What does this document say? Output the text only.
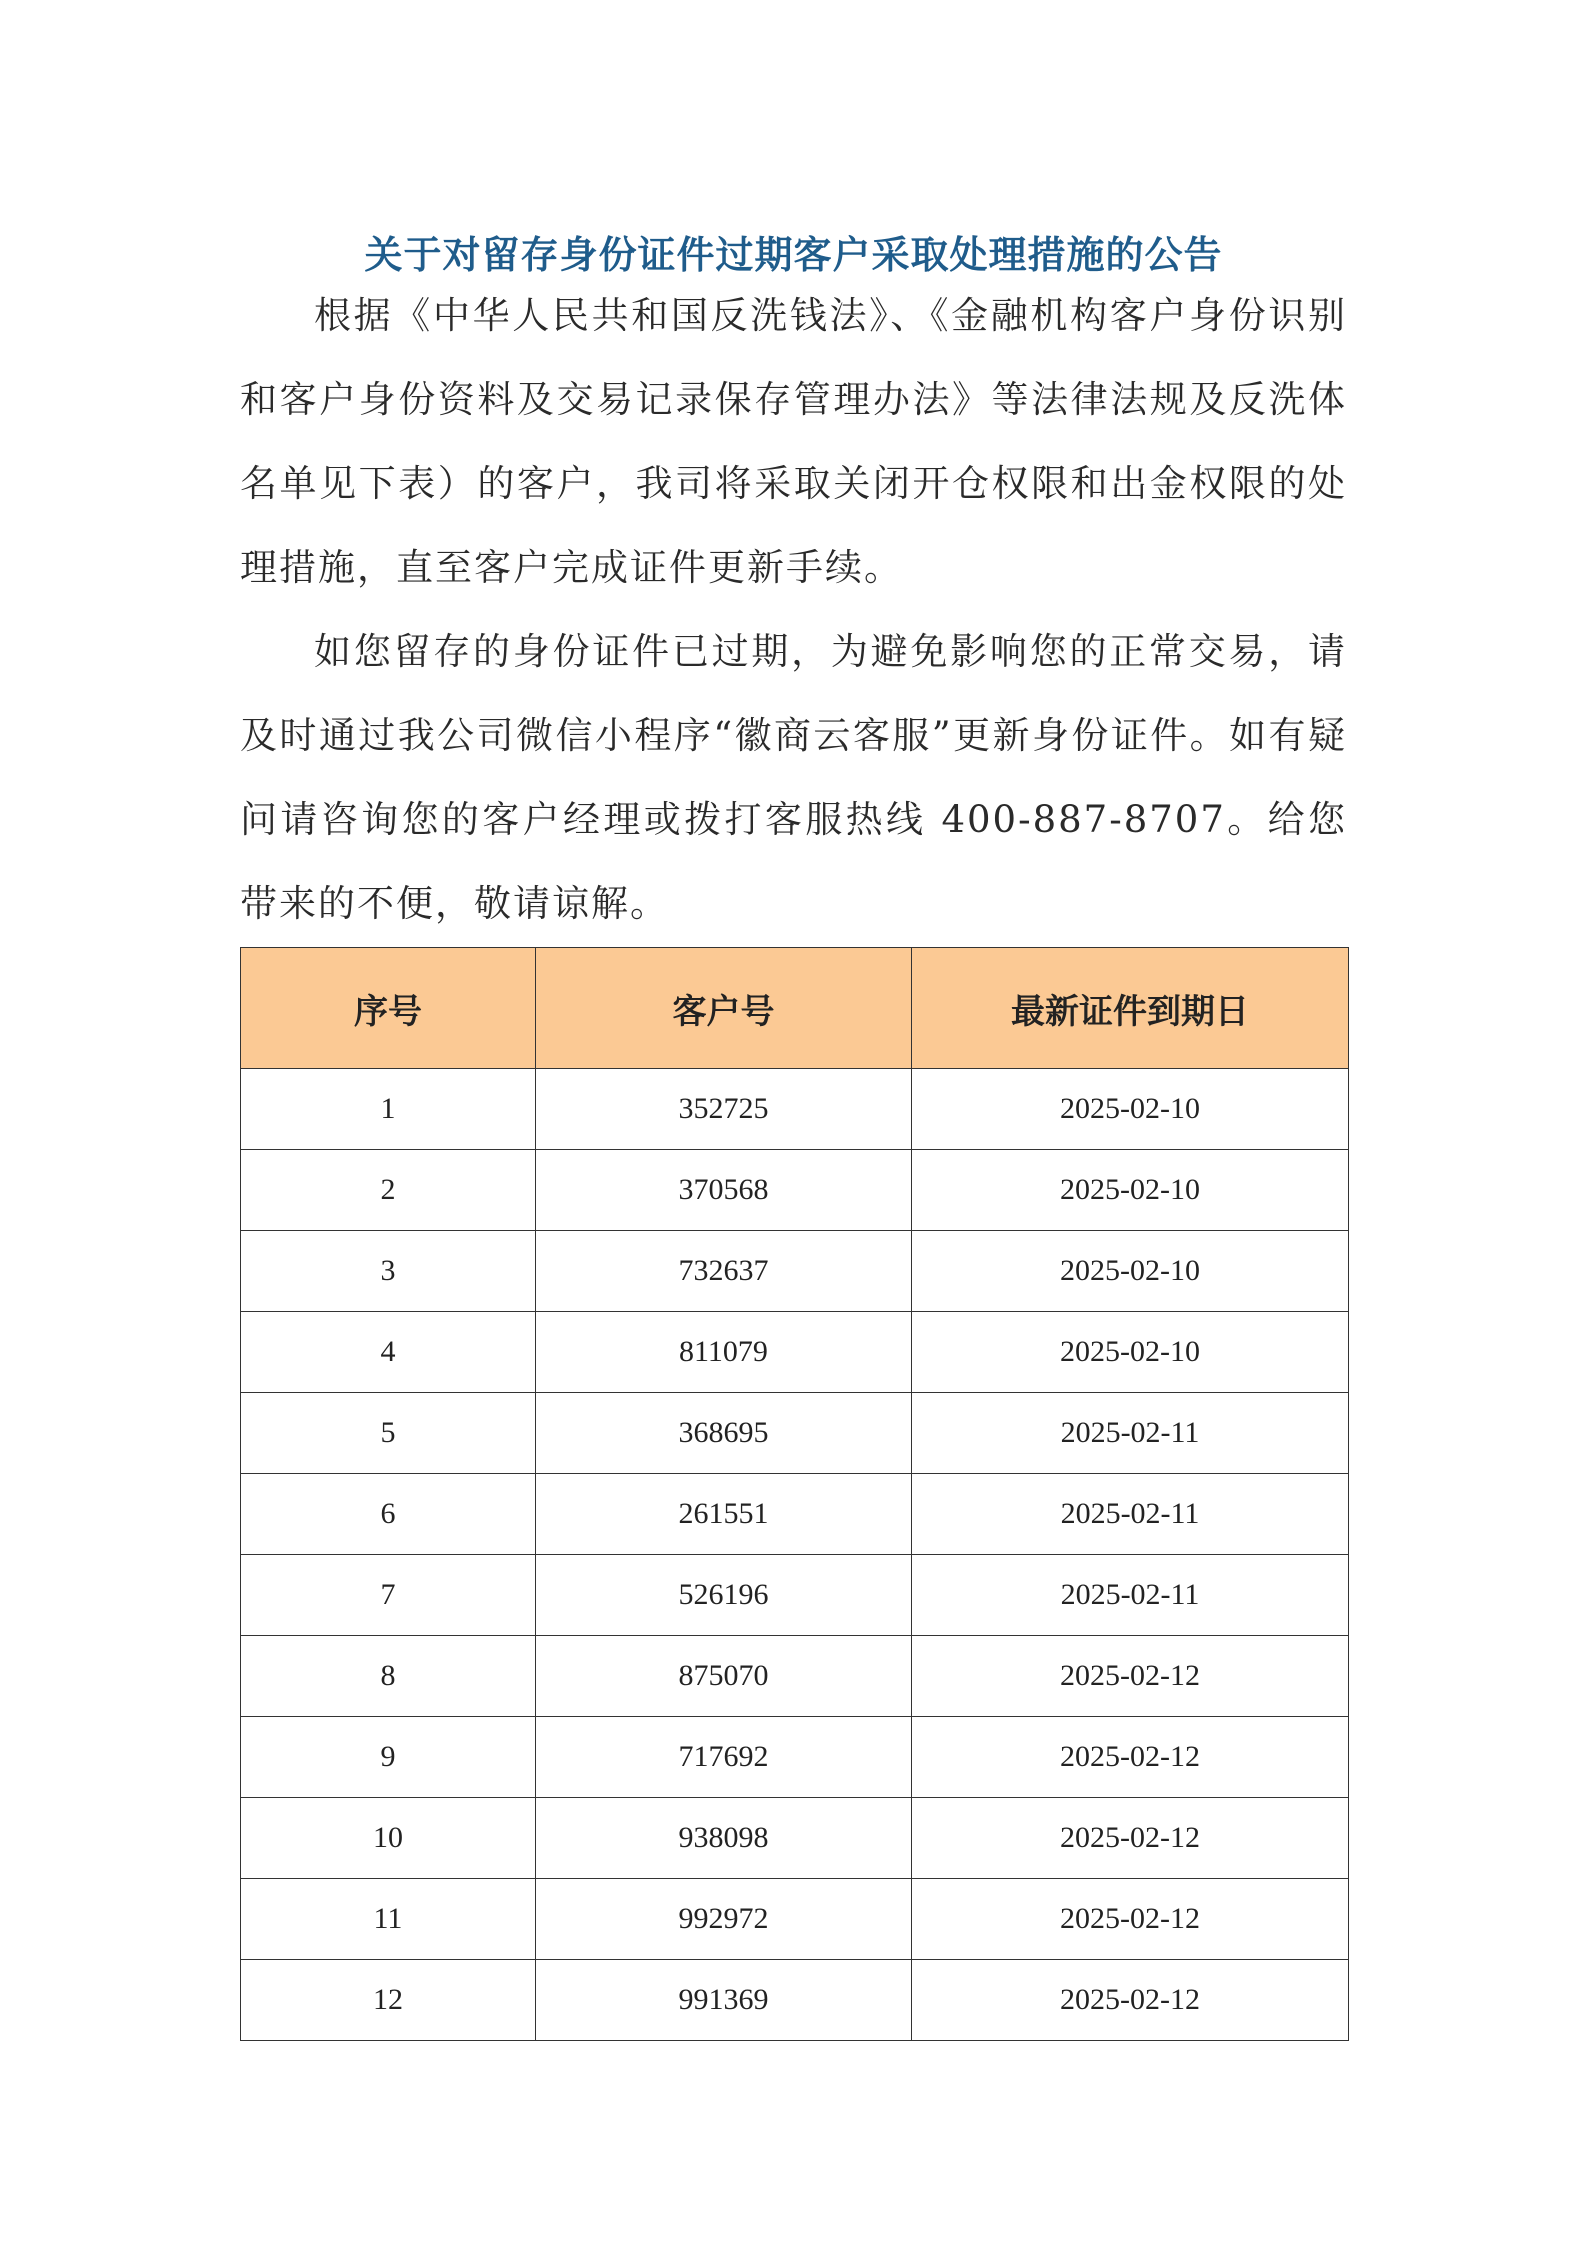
关于对留存身份证件过期客户采取处理措施的公告

根据《中华人民共和国反洗钱法》、《金融机构客户身份识别和客户身份资料及交易记录保存管理办法》等法律法规及反洗体名单见下表）的客户，我司将采取关闭开仓权限和出金权限的处理措施，直至客户完成证件更新手续。

如您留存的身份证件已过期，为避免影响您的正常交易，请及时通过我公司微信小程序“徽商云客服”更新身份证件。如有疑问请咨询您的客户经理或拨打客服热线 400-887-8707。给您带来的不便，敬请谅解。

序号	客户号	最新证件到期日
1	352725	2025-02-10
2	370568	2025-02-10
3	732637	2025-02-10
4	811079	2025-02-10
5	368695	2025-02-11
6	261551	2025-02-11
7	526196	2025-02-11
8	875070	2025-02-12
9	717692	2025-02-12
10	938098	2025-02-12
11	992972	2025-02-12
12	991369	2025-02-12
